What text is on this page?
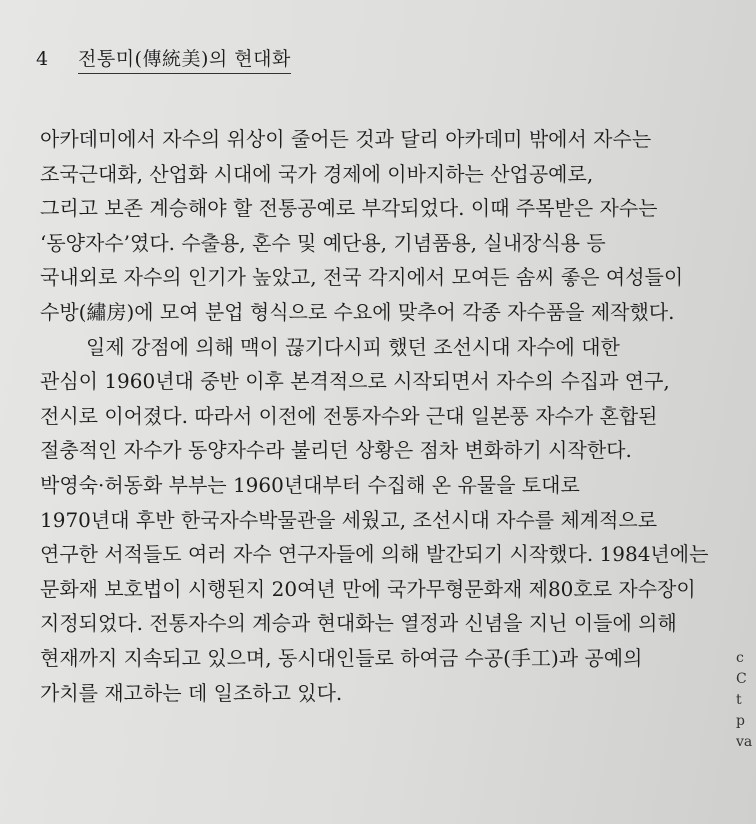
4 전통미(傳統美)의 현대화
아카데미에서 자수의 위상이 줄어든 것과 달리 아카데미 밖에서 자수는
조국근대화, 산업화 시대에 국가 경제에 이바지하는 산업공예로,
그리고 보존 계승해야 할 전통공예로 부각되었다. 이때 주목받은 자수는
‘동양자수’였다. 수출용, 혼수 및 예단용, 기념품용, 실내장식용 등
국내외로 자수의 인기가 높았고, 전국 각지에서 모여든 솜씨 좋은 여성들이
수방(繡房)에 모여 분업 형식으로 수요에 맞추어 각종 자수품을 제작했다.
일제 강점에 의해 맥이 끊기다시피 했던 조선시대 자수에 대한
관심이 1960년대 중반 이후 본격적으로 시작되면서 자수의 수집과 연구,
전시로 이어졌다. 따라서 이전에 전통자수와 근대 일본풍 자수가 혼합된
절충적인 자수가 동양자수라 불리던 상황은 점차 변화하기 시작한다.
박영숙·허동화 부부는 1960년대부터 수집해 온 유물을 토대로
1970년대 후반 한국자수박물관을 세웠고, 조선시대 자수를 체계적으로
연구한 서적들도 여러 자수 연구자들에 의해 발간되기 시작했다. 1984년에는
문화재 보호법이 시행된지 20여년 만에 국가무형문화재 제80호로 자수장이
지정되었다. 전통자수의 계승과 현대화는 열정과 신념을 지닌 이들에 의해
현재까지 지속되고 있으며, 동시대인들로 하여금 수공(手工)과 공예의
가치를 재고하는 데 일조하고 있다.
c
C
t
p
va
